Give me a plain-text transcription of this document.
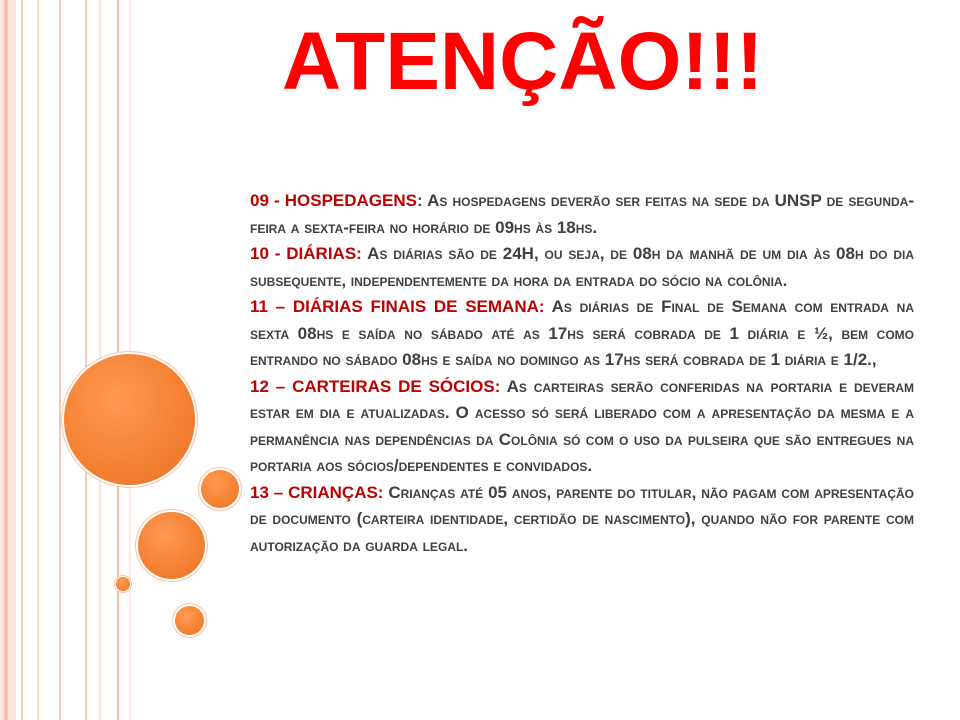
ATENÇÃO!!!

09 - HOSPEDAGENS: As hospedagens deverão ser feitas na sede da UNSP de segunda-feira a sexta-feira no horário de 09hs às 18hs.

10 - DIÁRIAS: As diárias são de 24H, ou seja, de 08h da manhã de um dia às 08h do dia subsequente, independentemente da hora da entrada do sócio na colônia.

11 – DIÁRIAS FINAIS DE SEMANA: As diárias de Final de Semana com entrada na sexta 08hs e saída no sábado até as 17hs será cobrada de 1 diária e ½, bem como entrando no sábado 08hs e saída no domingo as 17hs será cobrada de 1 diária e 1/2.,

12 – CARTEIRAS DE SÓCIOS: As carteiras serão conferidas na portaria e deveram estar em dia e atualizadas. O acesso só será liberado com a apresentação da mesma e a permanência nas dependências da Colônia só com o uso da pulseira que são entregues na portaria aos sócios/dependentes e convidados.

13 – CRIANÇAS: Crianças até 05 anos, parente do titular, não pagam com apresentação de documento (carteira identidade, certidão de nascimento), quando não for parente com autorização da guarda legal.
